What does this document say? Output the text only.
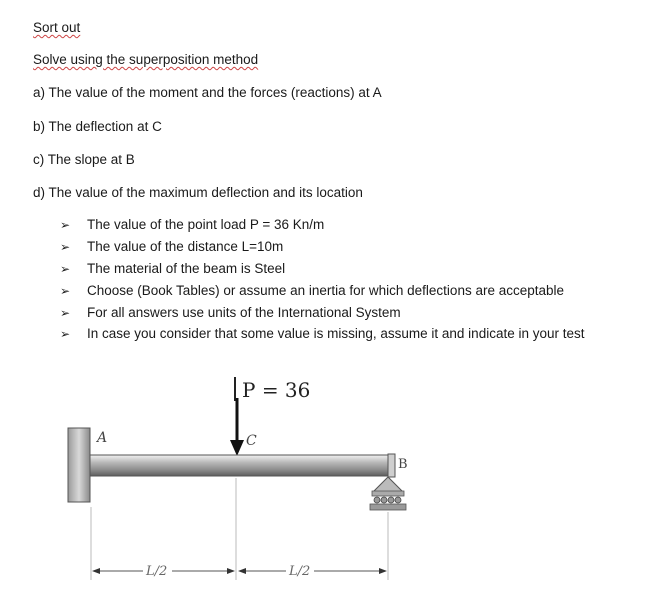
Sort out
Solve using the superposition method
a) The value of the moment and the forces (reactions) at A
b) The deflection at C
c) The slope at B
d) The value of the maximum deflection and its location
➢ The value of the point load P = 36 Kn/m
➢ The value of the distance L=10m
➢ The material of the beam is Steel
➢ Choose (Book Tables) or assume an inertia for which deflections are acceptable
➢ For all answers use units of the International System
➢ In case you consider that some value is missing, assume it and indicate in your test
P = 36
A	C
B
L/2	L/2
